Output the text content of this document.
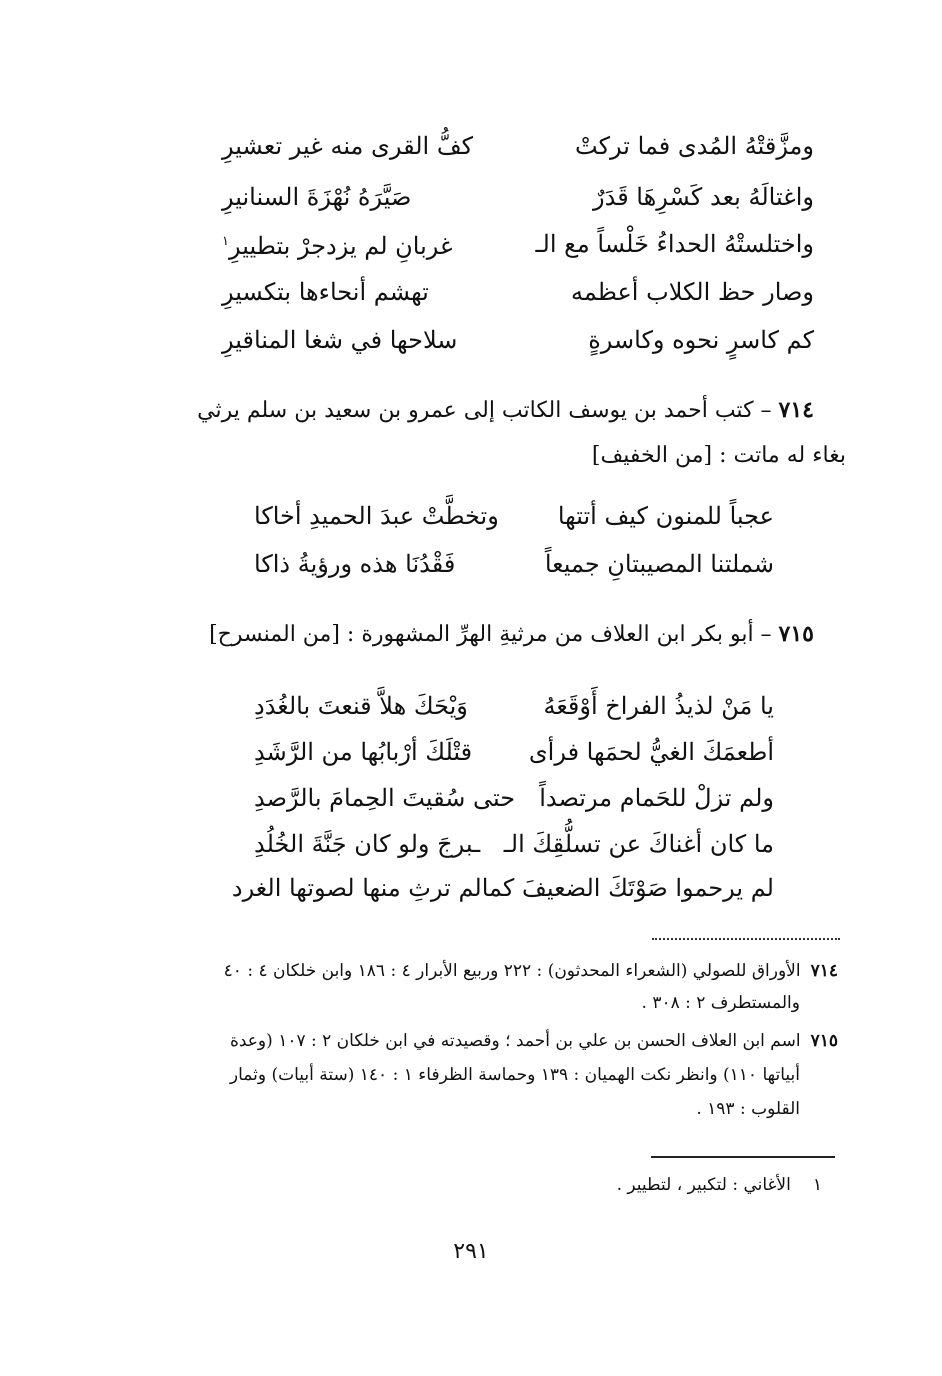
ومزَّقتْهُ المُدى فما تركتْ
كفُّ القرى منه غير تعشيرِ
واغتالَهُ بعد كَسْرِهَا قَدَرٌ
صَيَّرَهُ نُهْزَةَ السنانيرِ
واختلستْهُ الحداءُ خَلْساً مع الـ
غربانِ لم يزدجرْ بتطييرِ$^١$
وصار حظ الكلاب أعظمه
تهشم أنحاءها بتكسيرِ
كم كاسرٍ نحوه وكاسرةٍ
سلاحها في شغا المناقيرِ
٧١٤ – كتب أحمد بن يوسف الكاتب إلى عمرو بن سعيد بن سلم يرثي
بغاء له ماتت : [من الخفيف]
عجباً للمنون كيف أتتها
وتخطَّتْ عبدَ الحميدِ أخاكا
شملتنا المصيبتانِ جميعاً
فَقْدُنَا هذه ورؤيةُ ذاكا
٧١٥ – أبو بكر ابن العلاف من مرثيةِ الهرِّ المشهورة : [من المنسرح]
يا مَنْ لذيذُ الفراخ أَوْقَعَهُ
وَيْحَكَ هلاَّ قنعتَ بالغُدَدِ
أطعمَكَ الغيُّ لحمَها فرأى
قتْلَكَ أرْبابُها من الرَّشَدِ
ولم تزلْ للحَمام مرتصداً
حتى سُقيتَ الحِمامَ بالرَّصدِ
ما كان أغناكَ عن تسلُّقِكَ الـ
ـبرجَ ولو كان جَنَّةَ الخُلُدِ
لم يرحموا صَوْتَكَ الضعيفَ كما
لم ترثِ منها لصوتها الغرد
٧١٤الأوراق للصولي (الشعراء المحدثون) : ٢٢٢ وربيع الأبرار ٤ : ١٨٦ وابن خلكان ٤ : ٤٠
والمستطرف ٢ : ٣٠٨ .
٧١٥اسم ابن العلاف الحسن بن علي بن أحمد ؛ وقصيدته في ابن خلكان ٢ : ١٠٧ (وعدة
أبياتها ١١٠) وانظر نكت الهميان : ١٣٩ وحماسة الظرفاء ١ : ١٤٠ (ستة أبيات) وثمار
القلوب : ١٩٣ .
١الأغاني : لتكبير ، لتطيير .
٢٩١
